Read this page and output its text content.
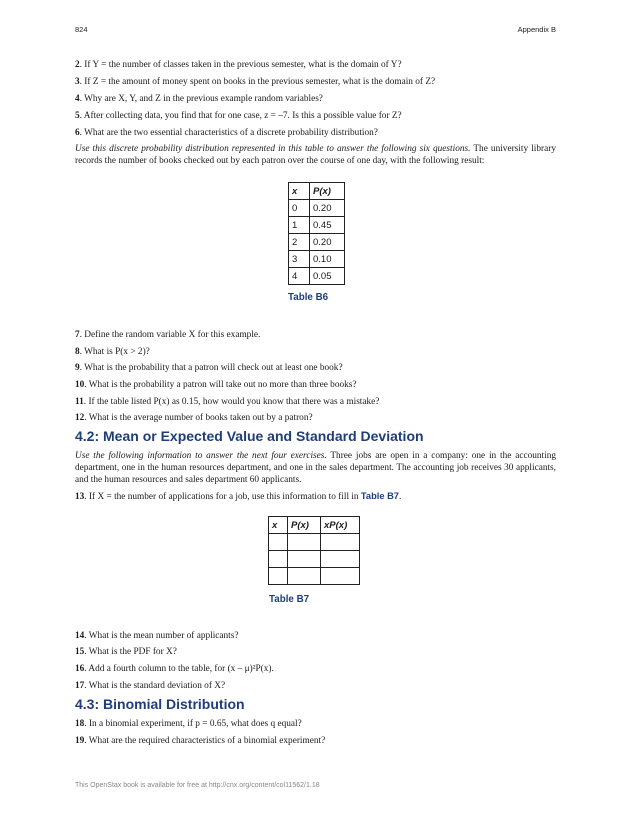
824	Appendix B
2. If Y = the number of classes taken in the previous semester, what is the domain of Y?
3. If Z = the amount of money spent on books in the previous semester, what is the domain of Z?
4. Why are X, Y, and Z in the previous example random variables?
5. After collecting data, you find that for one case, z = –7. Is this a possible value for Z?
6. What are the two essential characteristics of a discrete probability distribution?
Use this discrete probability distribution represented in this table to answer the following six questions. The university library records the number of books checked out by each patron over the course of one day, with the following result:
x	P(x)
0	0.20
1	0.45
2	0.20
3	0.10
4	0.05
Table B6
7. Define the random variable X for this example.
8. What is P(x > 2)?
9. What is the probability that a patron will check out at least one book?
10. What is the probability a patron will take out no more than three books?
11. If the table listed P(x) as 0.15, how would you know that there was a mistake?
12. What is the average number of books taken out by a patron?
4.2: Mean or Expected Value and Standard Deviation
Use the following information to answer the next four exercises. Three jobs are open in a company: one in the accounting department, one in the human resources department, and one in the sales department. The accounting job receives 30 applicants, and the human resources and sales department 60 applicants.
13. If X = the number of applications for a job, use this information to fill in Table B7.
x	P(x)	xP(x)

Table B7
14. What is the mean number of applicants?
15. What is the PDF for X?
16. Add a fourth column to the table, for (x – μ)²P(x).
17. What is the standard deviation of X?
4.3: Binomial Distribution
18. In a binomial experiment, if p = 0.65, what does q equal?
19. What are the required characteristics of a binomial experiment?
This OpenStax book is available for free at http://cnx.org/content/col11562/1.18
